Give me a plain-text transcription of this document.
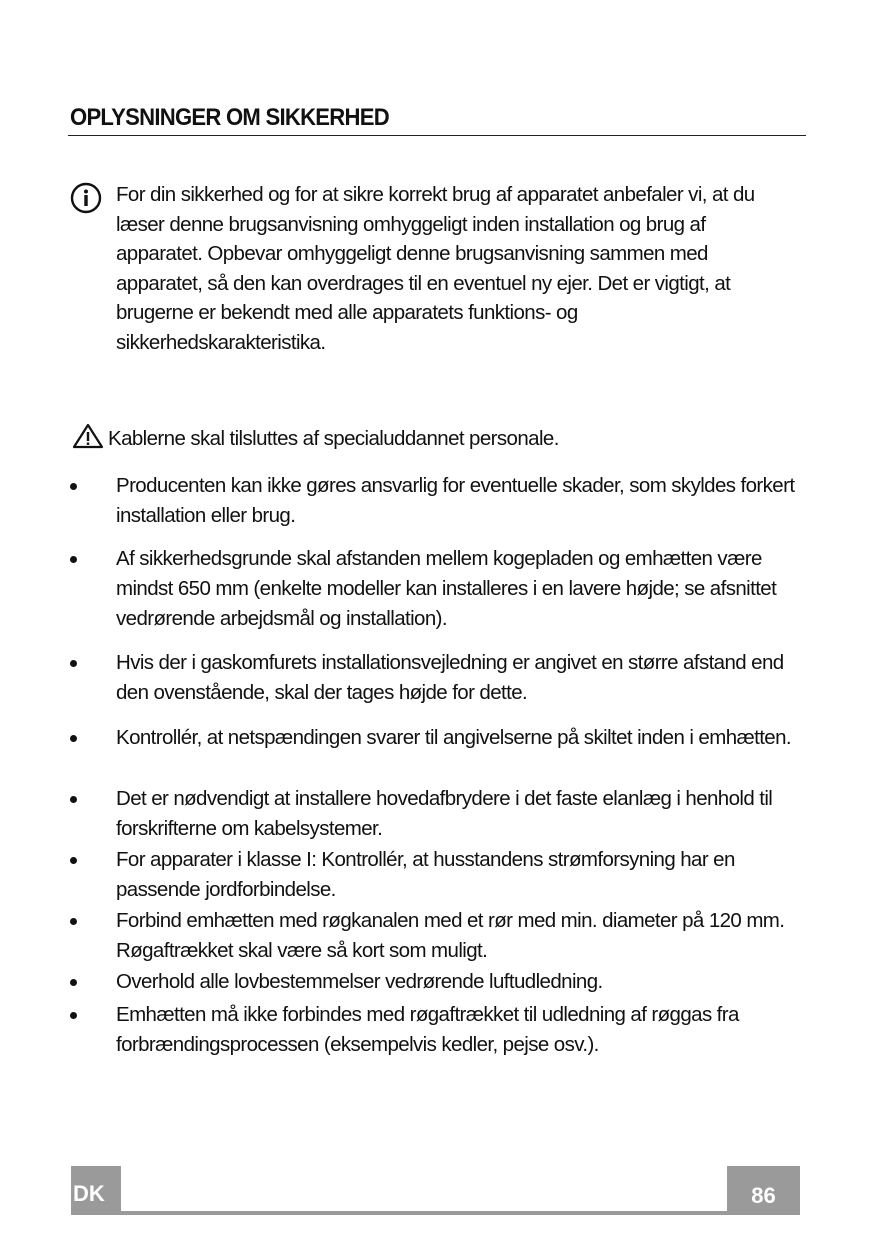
OPLYSNINGER OM SIKKERHED
For din sikkerhed og for at sikre korrekt brug af apparatet anbefaler vi, at du læser denne brugsanvisning omhyggeligt inden installation og brug af apparatet. Opbevar omhyggeligt denne brugsanvisning sammen med apparatet, så den kan overdrages til en eventuel ny ejer. Det er vigtigt, at brugerne er bekendt med alle apparatets funktions- og sikkerhedskarakteristika.
Kablerne skal tilsluttes af specialuddannet personale.
Producenten kan ikke gøres ansvarlig for eventuelle skader, som skyldes forkert installation eller brug.
Af sikkerhedsgrunde skal afstanden mellem kogepladen og emhætten være mindst 650 mm (enkelte modeller kan installeres i en lavere højde; se afsnittet vedrørende arbejdsmål og installation).
Hvis der i gaskomfurets installationsvejledning er angivet en større afstand end den ovenstående, skal der tages højde for dette.
Kontrollér, at netspændingen svarer til angivelserne på skiltet inden i emhætten.
Det er nødvendigt at installere hovedafbrydere i det faste elanlæg i henhold til forskrifterne om kabelsystemer.
For apparater i klasse I: Kontrollér, at husstandens strømforsyning har en passende jordforbindelse.
Forbind emhætten med røgkanalen med et rør med min. diameter på 120 mm. Røgaftrækket skal være så kort som muligt.
Overhold alle lovbestemmelser vedrørende luftudledning.
Emhætten må ikke forbindes med røgaftrækket til udledning af røggas fra forbrændingsprocessen (eksempelvis kedler, pejse osv.).
DK	86
